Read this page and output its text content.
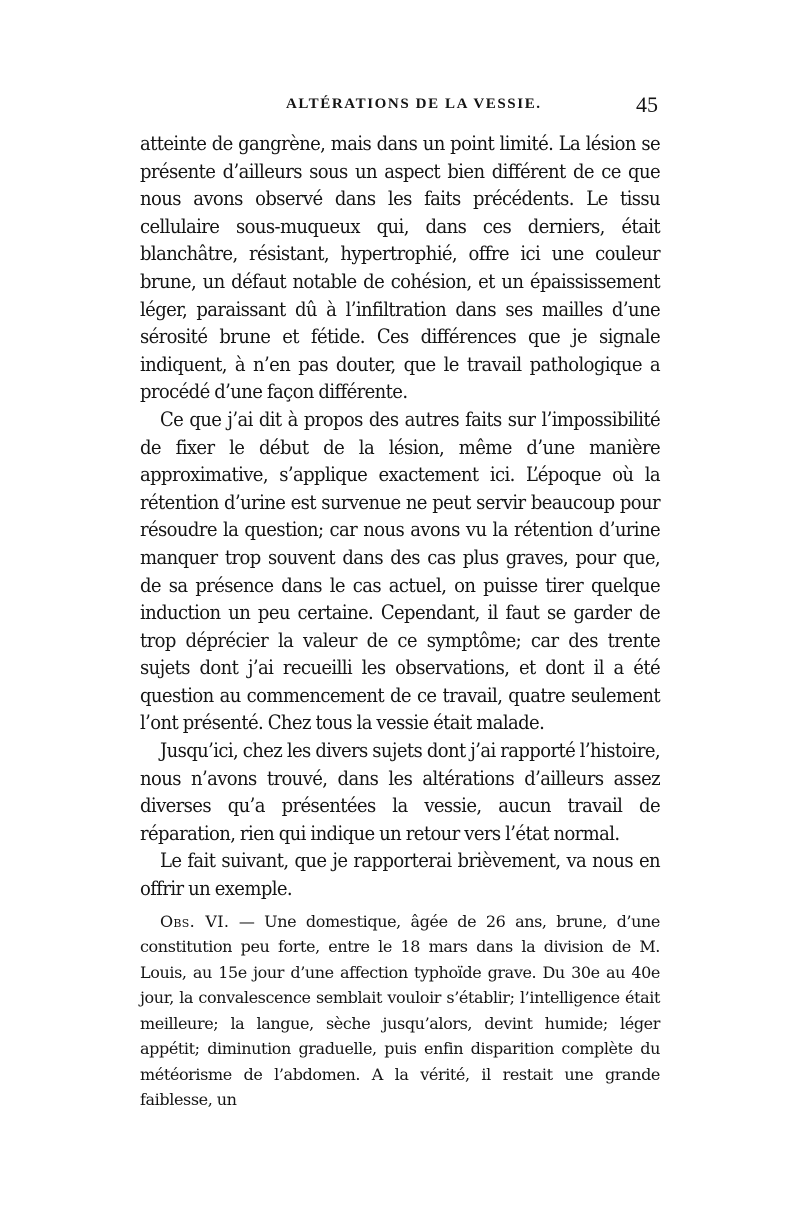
ALTÉRATIONS DE LA VESSIE.	45

atteinte de gangrène, mais dans un point limité. La lésion se présente d’ailleurs sous un aspect bien différent de ce que nous avons observé dans les faits précédents. Le tissu cellulaire sous-muqueux qui, dans ces derniers, était blanchâtre, résistant, hypertrophié, offre ici une couleur brune, un défaut notable de cohésion, et un épaississement léger, paraissant dû à l’infiltration dans ses mailles d’une sérosité brune et fétide. Ces différences que je signale indiquent, à n’en pas douter, que le travail pathologique a procédé d’une façon différente.

Ce que j’ai dit à propos des autres faits sur l’impossibilité de fixer le début de la lésion, même d’une manière approximative, s’applique exactement ici. L’époque où la rétention d’urine est survenue ne peut servir beaucoup pour résoudre la question; car nous avons vu la rétention d’urine manquer trop souvent dans des cas plus graves, pour que, de sa présence dans le cas actuel, on puisse tirer quelque induction un peu certaine. Cependant, il faut se garder de trop déprécier la valeur de ce symptôme; car des trente sujets dont j’ai recueilli les observations, et dont il a été question au commencement de ce travail, quatre seulement l’ont présenté. Chez tous la vessie était malade.

Jusqu’ici, chez les divers sujets dont j’ai rapporté l’histoire, nous n’avons trouvé, dans les altérations d’ailleurs assez diverses qu’a présentées la vessie, aucun travail de réparation, rien qui indique un retour vers l’état normal.

Le fait suivant, que je rapporterai brièvement, va nous en offrir un exemple.

Obs. VI. — Une domestique, âgée de 26 ans, brune, d’une constitution peu forte, entre le 18 mars dans la division de M. Louis, au 15e jour d’une affection typhoïde grave. Du 30e au 40e jour, la convalescence semblait vouloir s’établir; l’intelligence était meilleure; la langue, sèche jusqu’alors, devint humide; léger appétit; diminution graduelle, puis enfin disparition complète du météorisme de l’abdomen. A la vérité, il restait une grande faiblesse, un
